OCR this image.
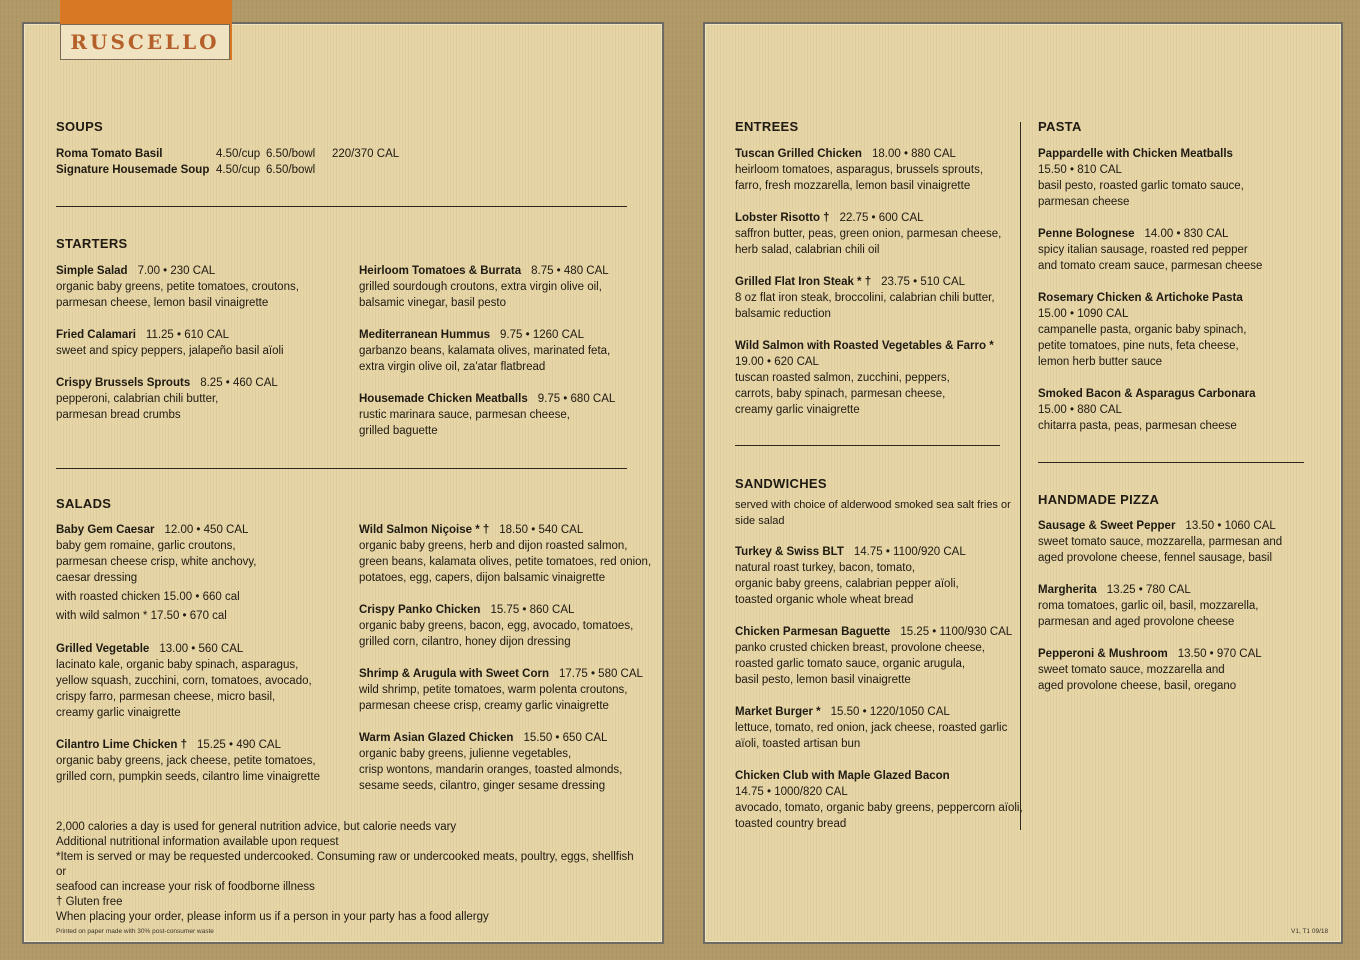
SOUPS
Roma Tomato Basil	4.50/cup 6.50/bowl	220/370 CAL
Signature Housemade Soup 4.50/cup 6.50/bowl
STARTERS
Simple Salad 7.00 • 230 CAL
organic baby greens, petite tomatoes, croutons,
parmesan cheese, lemon basil vinaigrette
Fried Calamari 11.25 • 610 CAL
sweet and spicy peppers, jalapeño basil aïoli
Crispy Brussels Sprouts 8.25 • 460 CAL
pepperoni, calabrian chili butter,
parmesan bread crumbs
Heirloom Tomatoes & Burrata 8.75 • 480 CAL
grilled sourdough croutons, extra virgin olive oil,
balsamic vinegar, basil pesto
Mediterranean Hummus 9.75 • 1260 CAL
garbanzo beans, kalamata olives, marinated feta,
extra virgin olive oil, za'atar flatbread
Housemade Chicken Meatballs 9.75 • 680 CAL
rustic marinara sauce, parmesan cheese,
grilled baguette
SALADS
Baby Gem Caesar 12.00 • 450 CAL
baby gem romaine, garlic croutons,
parmesan cheese crisp, white anchovy,
caesar dressing
with roasted chicken 15.00 • 660 cal
with wild salmon * 17.50 • 670 cal
Grilled Vegetable 13.00 • 560 CAL
lacinato kale, organic baby spinach, asparagus,
yellow squash, zucchini, corn, tomatoes, avocado,
crispy farro, parmesan cheese, micro basil,
creamy garlic vinaigrette
Cilantro Lime Chicken † 15.25 • 490 CAL
organic baby greens, jack cheese, petite tomatoes,
grilled corn, pumpkin seeds, cilantro lime vinaigrette
Wild Salmon Niçoise * † 18.50 • 540 CAL
organic baby greens, herb and dijon roasted salmon,
green beans, kalamata olives, petite tomatoes, red onion,
potatoes, egg, capers, dijon balsamic vinaigrette
Crispy Panko Chicken 15.75 • 860 CAL
organic baby greens, bacon, egg, avocado, tomatoes,
grilled corn, cilantro, honey dijon dressing
Shrimp & Arugula with Sweet Corn 17.75 • 580 CAL
wild shrimp, petite tomatoes, warm polenta croutons,
parmesan cheese crisp, creamy garlic vinaigrette
Warm Asian Glazed Chicken 15.50 • 650 CAL
organic baby greens, julienne vegetables,
crisp wontons, mandarin oranges, toasted almonds,
sesame seeds, cilantro, ginger sesame dressing
2,000 calories a day is used for general nutrition advice, but calorie needs vary
Additional nutritional information available upon request
*Item is served or may be requested undercooked. Consuming raw or undercooked meats, poultry, eggs, shellfish or
seafood can increase your risk of foodborne illness
† Gluten free
When placing your order, please inform us if a person in your party has a food allergy
Printed on paper made with 30% post-consumer waste
ENTREES
Tuscan Grilled Chicken 18.00 • 880 CAL
heirloom tomatoes, asparagus, brussels sprouts,
farro, fresh mozzarella, lemon basil vinaigrette
Lobster Risotto † 22.75 • 600 CAL
saffron butter, peas, green onion, parmesan cheese,
herb salad, calabrian chili oil
Grilled Flat Iron Steak * † 23.75 • 510 CAL
8 oz flat iron steak, broccolini, calabrian chili butter,
balsamic reduction
Wild Salmon with Roasted Vegetables & Farro *
19.00 • 620 CAL
tuscan roasted salmon, zucchini, peppers,
carrots, baby spinach, parmesan cheese,
creamy garlic vinaigrette
SANDWICHES
served with choice of alderwood smoked sea salt fries or
side salad
Turkey & Swiss BLT 14.75 • 1100/920 CAL
natural roast turkey, bacon, tomato,
organic baby greens, calabrian pepper aïoli,
toasted organic whole wheat bread
Chicken Parmesan Baguette 15.25 • 1100/930 CAL
panko crusted chicken breast, provolone cheese,
roasted garlic tomato sauce, organic arugula,
basil pesto, lemon basil vinaigrette
Market Burger * 15.50 • 1220/1050 CAL
lettuce, tomato, red onion, jack cheese, roasted garlic
aïoli, toasted artisan bun
Chicken Club with Maple Glazed Bacon
14.75 • 1000/820 CAL
avocado, tomato, organic baby greens, peppercorn aïoli,
toasted country bread
PASTA
Pappardelle with Chicken Meatballs
15.50 • 810 CAL
basil pesto, roasted garlic tomato sauce,
parmesan cheese
Penne Bolognese 14.00 • 830 CAL
spicy italian sausage, roasted red pepper
and tomato cream sauce, parmesan cheese
Rosemary Chicken & Artichoke Pasta
15.00 • 1090 CAL
campanelle pasta, organic baby spinach,
petite tomatoes, pine nuts, feta cheese,
lemon herb butter sauce
Smoked Bacon & Asparagus Carbonara
15.00 • 880 CAL
chitarra pasta, peas, parmesan cheese
HANDMADE PIZZA
Sausage & Sweet Pepper 13.50 • 1060 CAL
sweet tomato sauce, mozzarella, parmesan and
aged provolone cheese, fennel sausage, basil
Margherita 13.25 • 780 CAL
roma tomatoes, garlic oil, basil, mozzarella,
parmesan and aged provolone cheese
Pepperoni & Mushroom 13.50 • 970 CAL
sweet tomato sauce, mozzarella and
aged provolone cheese, basil, oregano
V1, T1 09/18
RUSCELLO
